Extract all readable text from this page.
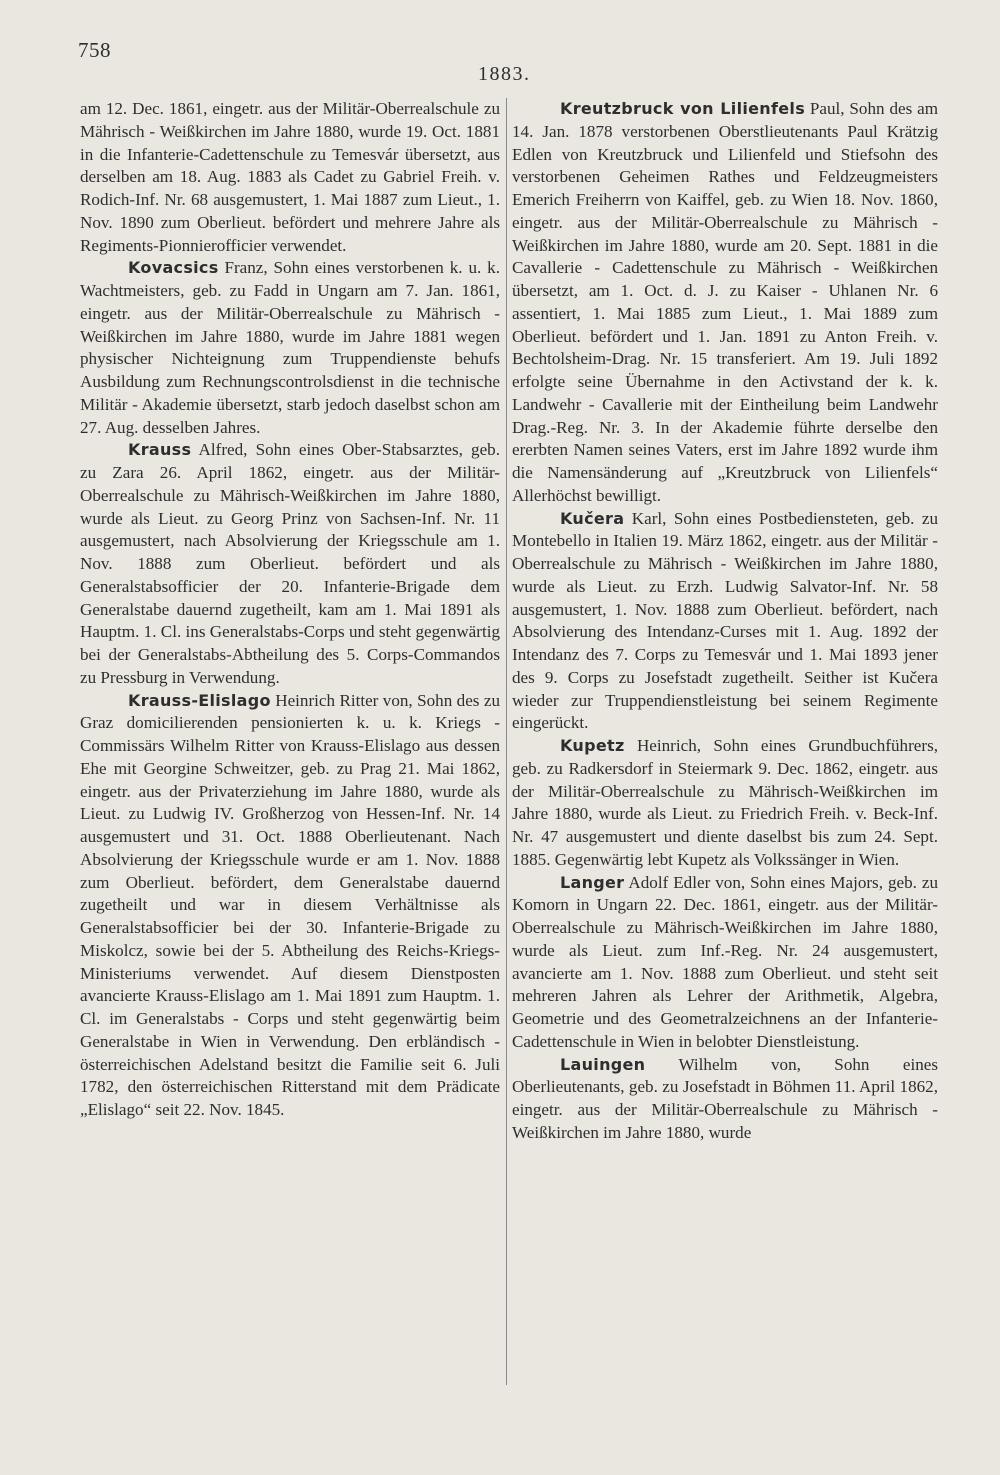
758
1883.

am 12. Dec. 1861, eingetr. aus der Militär-Oberrealschule zu Mährisch - Weißkirchen im Jahre 1880, wurde 19. Oct. 1881 in die Infanterie-Cadettenschule zu Temesvár übersetzt, aus derselben am 18. Aug. 1883 als Cadet zu Gabriel Freih. v. Rodich-Inf. Nr. 68 ausgemustert, 1. Mai 1887 zum Lieut., 1. Nov. 1890 zum Oberlieut. befördert und mehrere Jahre als Regiments-Pionnierofficier verwendet.

Kovacsics Franz, Sohn eines verstorbenen k. u. k. Wachtmeisters, geb. zu Fadd in Ungarn am 7. Jan. 1861, eingetr. aus der Militär-Oberrealschule zu Mährisch - Weißkirchen im Jahre 1880, wurde im Jahre 1881 wegen physischer Nichteignung zum Truppendienste behufs Ausbildung zum Rechnungscontrolsdienst in die technische Militär - Akademie übersetzt, starb jedoch daselbst schon am 27. Aug. desselben Jahres.

Krauss Alfred, Sohn eines Ober-Stabsarztes, geb. zu Zara 26. April 1862, eingetr. aus der Militär-Oberrealschule zu Mährisch-Weißkirchen im Jahre 1880, wurde als Lieut. zu Georg Prinz von Sachsen-Inf. Nr. 11 ausgemustert, nach Absolvierung der Kriegsschule am 1. Nov. 1888 zum Oberlieut. befördert und als Generalstabsofficier der 20. Infanterie-Brigade dem Generalstabe dauernd zugetheilt, kam am 1. Mai 1891 als Hauptm. 1. Cl. ins Generalstabs-Corps und steht gegenwärtig bei der Generalstabs-Abtheilung des 5. Corps-Commandos zu Pressburg in Verwendung.

Krauss-Elislago Heinrich Ritter von, Sohn des zu Graz domicilierenden pensionierten k. u. k. Kriegs - Commissärs Wilhelm Ritter von Krauss-Elislago aus dessen Ehe mit Georgine Schweitzer, geb. zu Prag 21. Mai 1862, eingetr. aus der Privaterziehung im Jahre 1880, wurde als Lieut. zu Ludwig IV. Großherzog von Hessen-Inf. Nr. 14 ausgemustert und 31. Oct. 1888 Oberlieutenant. Nach Absolvierung der Kriegsschule wurde er am 1. Nov. 1888 zum Oberlieut. befördert, dem Generalstabe dauernd zugetheilt und war in diesem Verhältnisse als Generalstabsofficier bei der 30. Infanterie-Brigade zu Miskolcz, sowie bei der 5. Abtheilung des Reichs-Kriegs-Ministeriums verwendet. Auf diesem Dienstposten avancierte Krauss-Elislago am 1. Mai 1891 zum Hauptm. 1. Cl. im Generalstabs - Corps und steht gegenwärtig beim Generalstabe in Wien in Verwendung. Den erbländisch - österreichischen Adelstand besitzt die Familie seit 6. Juli 1782, den österreichischen Ritterstand mit dem Prädicate „Elislago“ seit 22. Nov. 1845.

Kreutzbruck von Lilienfels Paul, Sohn des am 14. Jan. 1878 verstorbenen Oberstlieutenants Paul Krätzig Edlen von Kreutzbruck und Lilienfeld und Stiefsohn des verstorbenen Geheimen Rathes und Feldzeugmeisters Emerich Freiherrn von Kaiffel, geb. zu Wien 18. Nov. 1860, eingetr. aus der Militär-Oberrealschule zu Mährisch - Weißkirchen im Jahre 1880, wurde am 20. Sept. 1881 in die Cavallerie - Cadettenschule zu Mährisch - Weißkirchen übersetzt, am 1. Oct. d. J. zu Kaiser - Uhlanen Nr. 6 assentiert, 1. Mai 1885 zum Lieut., 1. Mai 1889 zum Oberlieut. befördert und 1. Jan. 1891 zu Anton Freih. v. Bechtolsheim-Drag. Nr. 15 transferiert. Am 19. Juli 1892 erfolgte seine Übernahme in den Activstand der k. k. Landwehr - Cavallerie mit der Eintheilung beim Landwehr Drag.-Reg. Nr. 3. In der Akademie führte derselbe den ererbten Namen seines Vaters, erst im Jahre 1892 wurde ihm die Namensänderung auf „Kreutzbruck von Lilienfels“ Allerhöchst bewilligt.

Kučera Karl, Sohn eines Postbediensteten, geb. zu Montebello in Italien 19. März 1862, eingetr. aus der Militär - Oberrealschule zu Mährisch - Weißkirchen im Jahre 1880, wurde als Lieut. zu Erzh. Ludwig Salvator-Inf. Nr. 58 ausgemustert, 1. Nov. 1888 zum Oberlieut. befördert, nach Absolvierung des Intendanz-Curses mit 1. Aug. 1892 der Intendanz des 7. Corps zu Temesvár und 1. Mai 1893 jener des 9. Corps zu Josefstadt zugetheilt. Seither ist Kučera wieder zur Truppendienstleistung bei seinem Regimente eingerückt.

Kupetz Heinrich, Sohn eines Grundbuchführers, geb. zu Radkersdorf in Steiermark 9. Dec. 1862, eingetr. aus der Militär-Oberrealschule zu Mährisch-Weißkirchen im Jahre 1880, wurde als Lieut. zu Friedrich Freih. v. Beck-Inf. Nr. 47 ausgemustert und diente daselbst bis zum 24. Sept. 1885. Gegenwärtig lebt Kupetz als Volkssänger in Wien.

Langer Adolf Edler von, Sohn eines Majors, geb. zu Komorn in Ungarn 22. Dec. 1861, eingetr. aus der Militär-Oberrealschule zu Mährisch-Weißkirchen im Jahre 1880, wurde als Lieut. zum Inf.-Reg. Nr. 24 ausgemustert, avancierte am 1. Nov. 1888 zum Oberlieut. und steht seit mehreren Jahren als Lehrer der Arithmetik, Algebra, Geometrie und des Geometralzeichnens an der Infanterie-Cadettenschule in Wien in belobter Dienstleistung.

Lauingen Wilhelm von, Sohn eines Oberlieutenants, geb. zu Josefstadt in Böhmen 11. April 1862, eingetr. aus der Militär-Oberrealschule zu Mährisch - Weißkirchen im Jahre 1880, wurde
